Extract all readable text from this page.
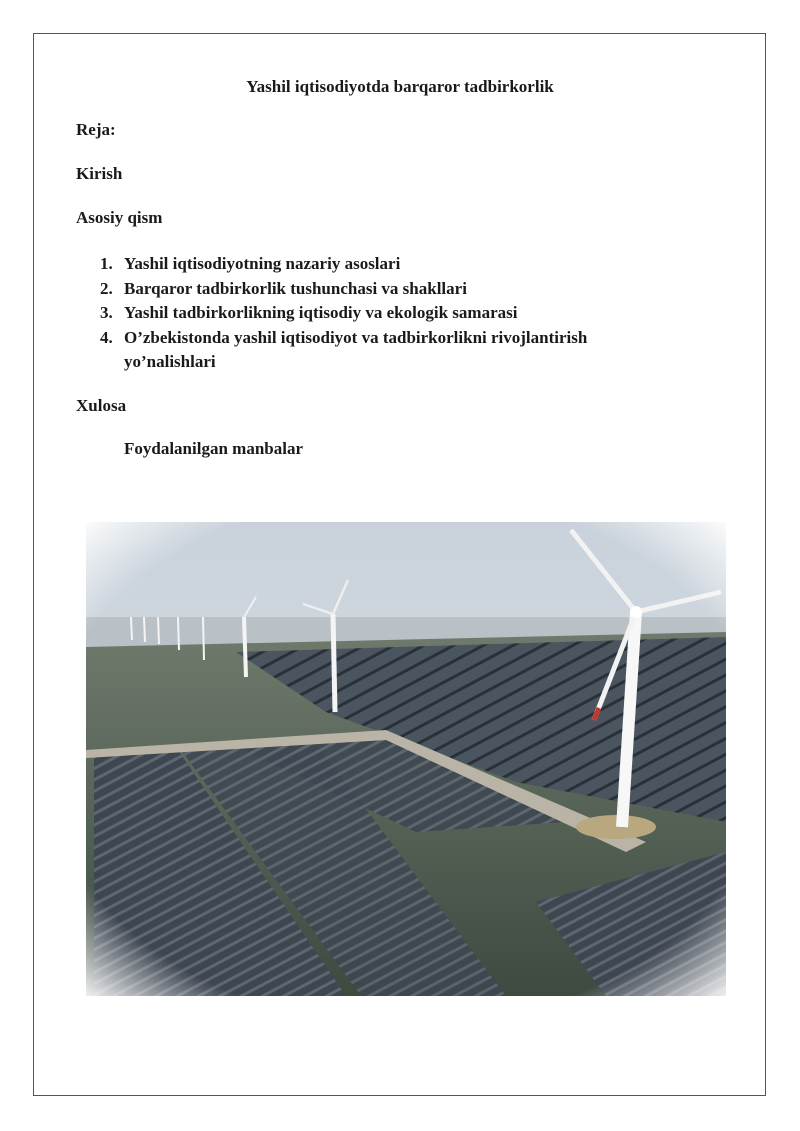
Yashil iqtisodiyotda barqaror tadbirkorlik
Reja:
Kirish
Asosiy qism
1. Yashil iqtisodiyotning nazariy asoslari
2. Barqaror tadbirkorlik tushunchasi va shakllari
3. Yashil tadbirkorlikning iqtisodiy va ekologik samarasi
4. O’zbekistonda yashil iqtisodiyot va tadbirkorlikni rivojlantirish yo’nalishlari
Xulosa
Foydalanilgan manbalar
